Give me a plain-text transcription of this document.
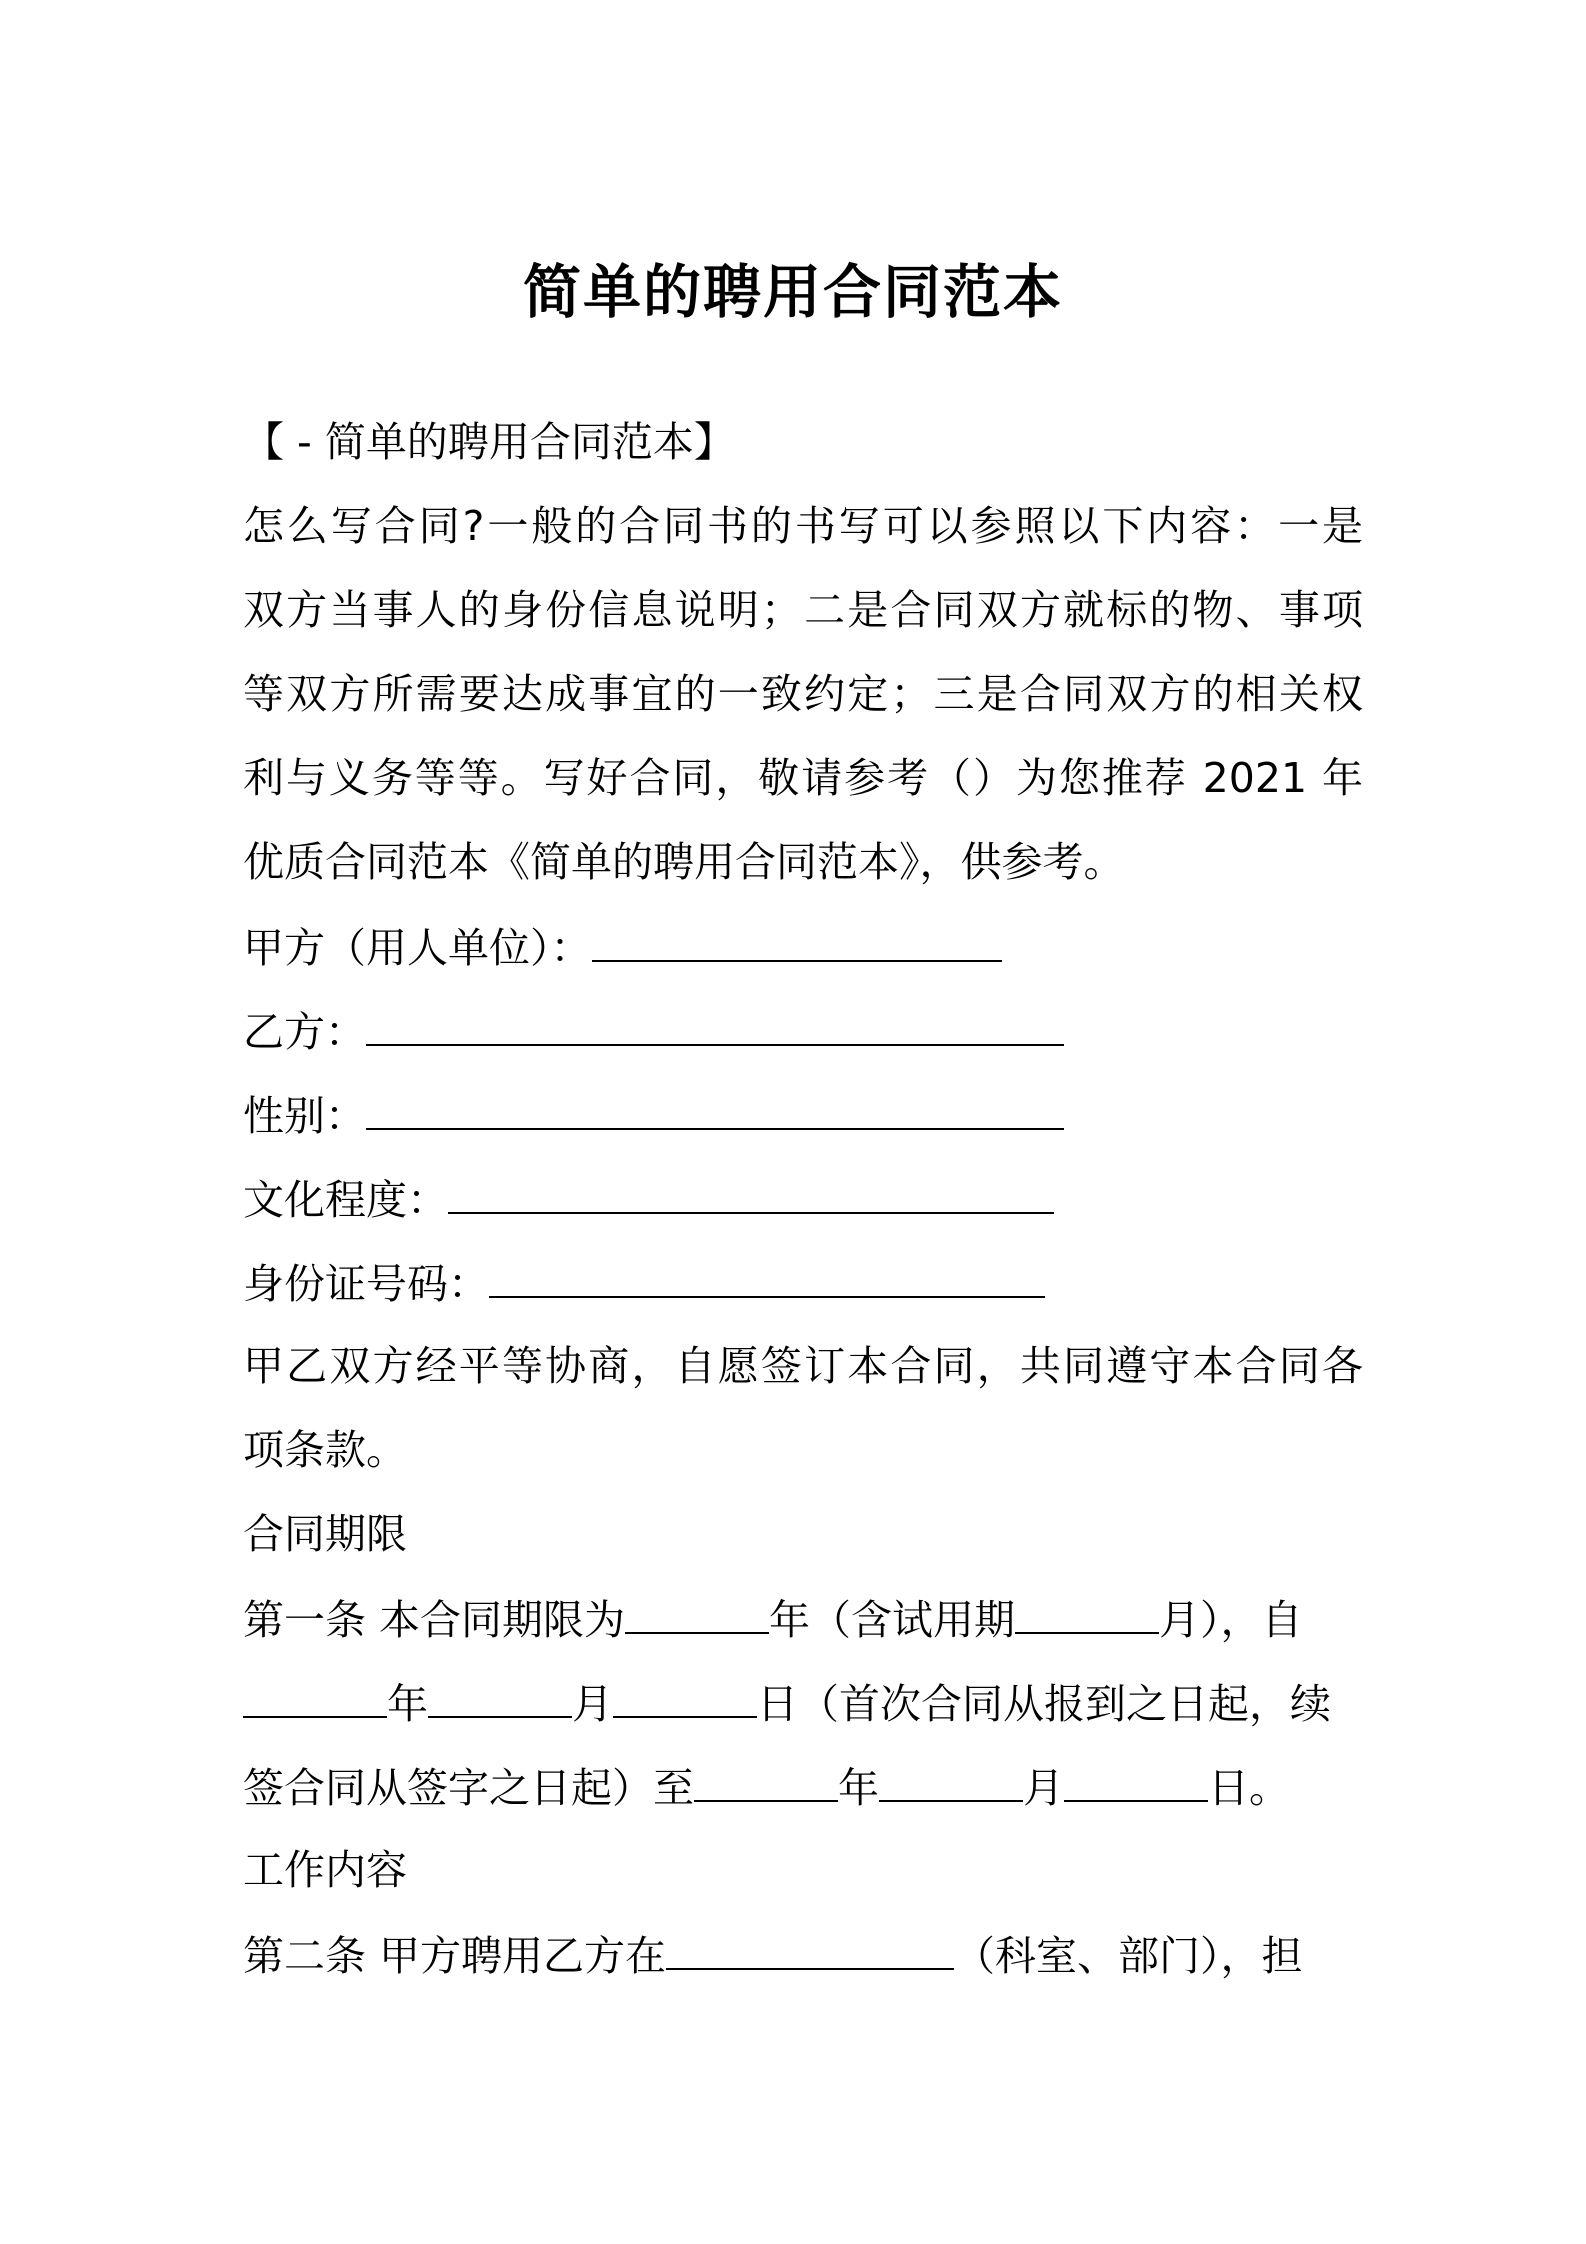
简单的聘用合同范本
【 - 简单的聘用合同范本】
怎么写合同?一般的合同书的书写可以参照以下内容：一是
双方当事人的身份信息说明；二是合同双方就标的物、事项
等双方所需要达成事宜的一致约定；三是合同双方的相关权
利与义务等等。写好合同，敬请参考（）为您推荐 2021 年
优质合同范本《简单的聘用合同范本》，供参考。
甲方（用人单位）：
乙方：
性别：
文化程度：
身份证号码：
甲乙双方经平等协商，自愿签订本合同，共同遵守本合同各
项条款。
合同期限
第一条 本合同期限为	年（含试用期	月），自
年	月	日（首次合同从报到之日起，续
签合同从签字之日起）至	年	月	日。
工作内容
第二条 甲方聘用乙方在	（科室、部门），担
